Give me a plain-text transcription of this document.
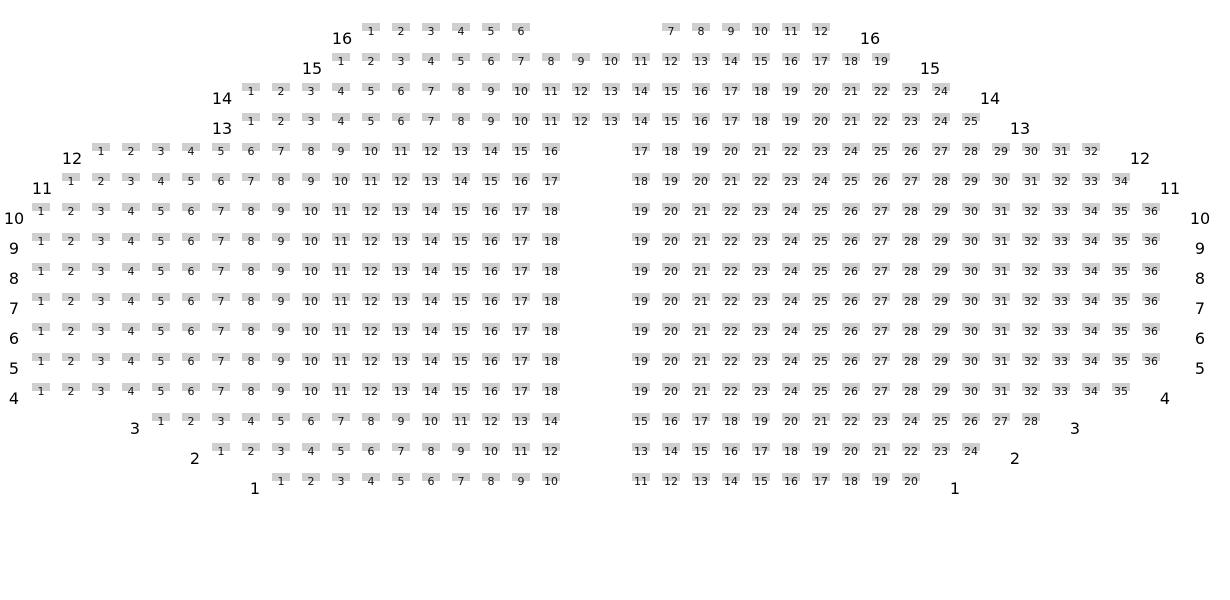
1	2	3	4	5	6	7	8	9	10	11	12
16	16
1	2	3	4	5	6	7	8	9	10	11	12	13	14	15	16	17	18	19
15	15
1	2	3	4	5	6	7	8	9	10	11	12	13	14	15	16	17	18	19	20	21	22	23	24
14	14
1	2	3	4	5	6	7	8	9	10	11	12	13	14	15	16	17	18	19	20	21	22	23	24	25
13	13
1	2	3	4	5	6	7	8	9	10	11	12	13	14	15	16	17	18	19	20	21	22	23	24	25	26	27	28	29	30	31	32
12	12
1	2	3	4	5	6	7	8	9	10	11	12	13	14	15	16	17	18	19	20	21	22	23	24	25	26	27	28	29	30	31	32	33	34
11	11
1	2	3	4	5	6	7	8	9	10	11	12	13	14	15	16	17	18	19	20	21	22	23	24	25	26	27	28	29	30	31	32	33	34	35	36
10	10
1	2	3	4	5	6	7	8	9	10	11	12	13	14	15	16	17	18	19	20	21	22	23	24	25	26	27	28	29	30	31	32	33	34	35	36
9	9
1	2	3	4	5	6	7	8	9	10	11	12	13	14	15	16	17	18	19	20	21	22	23	24	25	26	27	28	29	30	31	32	33	34	35	36
8	8
1	2	3	4	5	6	7	8	9	10	11	12	13	14	15	16	17	18	19	20	21	22	23	24	25	26	27	28	29	30	31	32	33	34	35	36
7	7
1	2	3	4	5	6	7	8	9	10	11	12	13	14	15	16	17	18	19	20	21	22	23	24	25	26	27	28	29	30	31	32	33	34	35	36
6	6
1	2	3	4	5	6	7	8	9	10	11	12	13	14	15	16	17	18	19	20	21	22	23	24	25	26	27	28	29	30	31	32	33	34	35	36
5	5
1	2	3	4	5	6	7	8	9	10	11	12	13	14	15	16	17	18	19	20	21	22	23	24	25	26	27	28	29	30	31	32	33	34	35
4	4
1	2	3	4	5	6	7	8	9	10	11	12	13	14	15	16	17	18	19	20	21	22	23	24	25	26	27	28
3	3
1	2	3	4	5	6	7	8	9	10	11	12	13	14	15	16	17	18	19	20	21	22	23	24
2	2
1	2	3	4	5	6	7	8	9	10	11	12	13	14	15	16	17	18	19	20
1	1
